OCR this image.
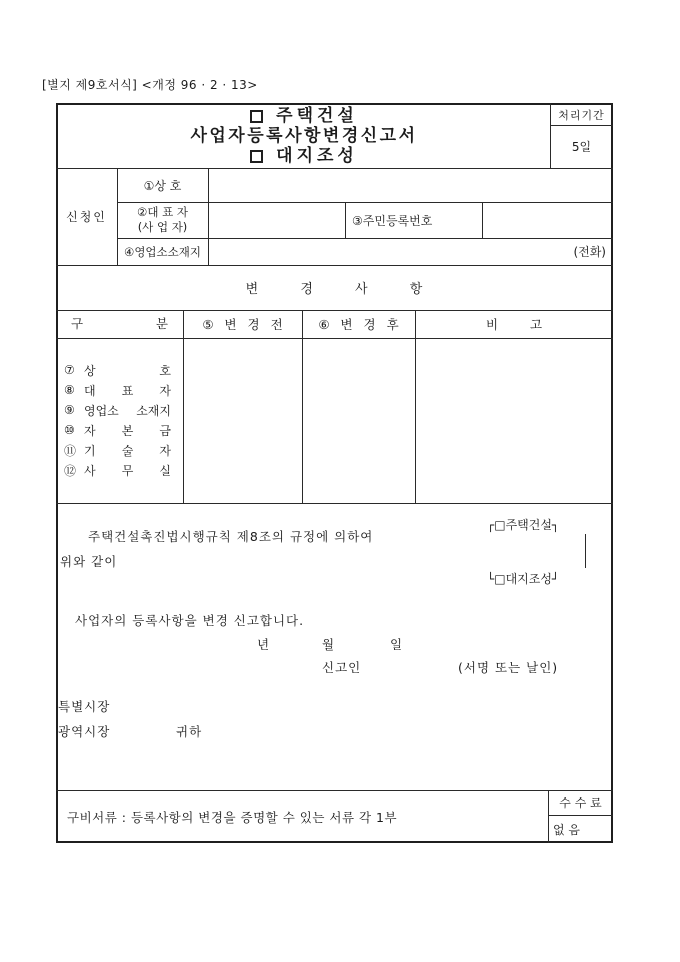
[별지 제9호서식] <개정 96 · 2 · 13>
주택건설
사업자등록사항변경신고서
대지조성
처리기간
5일
신청인
①상 호
②대 표 자
(사 업 자)	③주민등록번호
④영업소소재지	(전화)
변 경 사 항
구 분	⑤ 변 경 전	⑥ 변 경 후	비 고
⑦ 상 호
⑧ 대 표 자
⑨ 영업소 소재지
⑩ 자 본 금
⑪ 기 술 자
⑫ 사 무 실
주택건설촉진법시행규칙 제8조의 규정에 의하여
위와 같이
┌□주택건설┐
└□대지조성┘
사업자의 등록사항을 변경 신고합니다.
년	월	일
신고인	(서명 또는 날인)
특별시장
광역시장	귀하
구비서류 : 등록사항의 변경을 증명할 수 있는 서류 각 1부
수 수 료
없 음
